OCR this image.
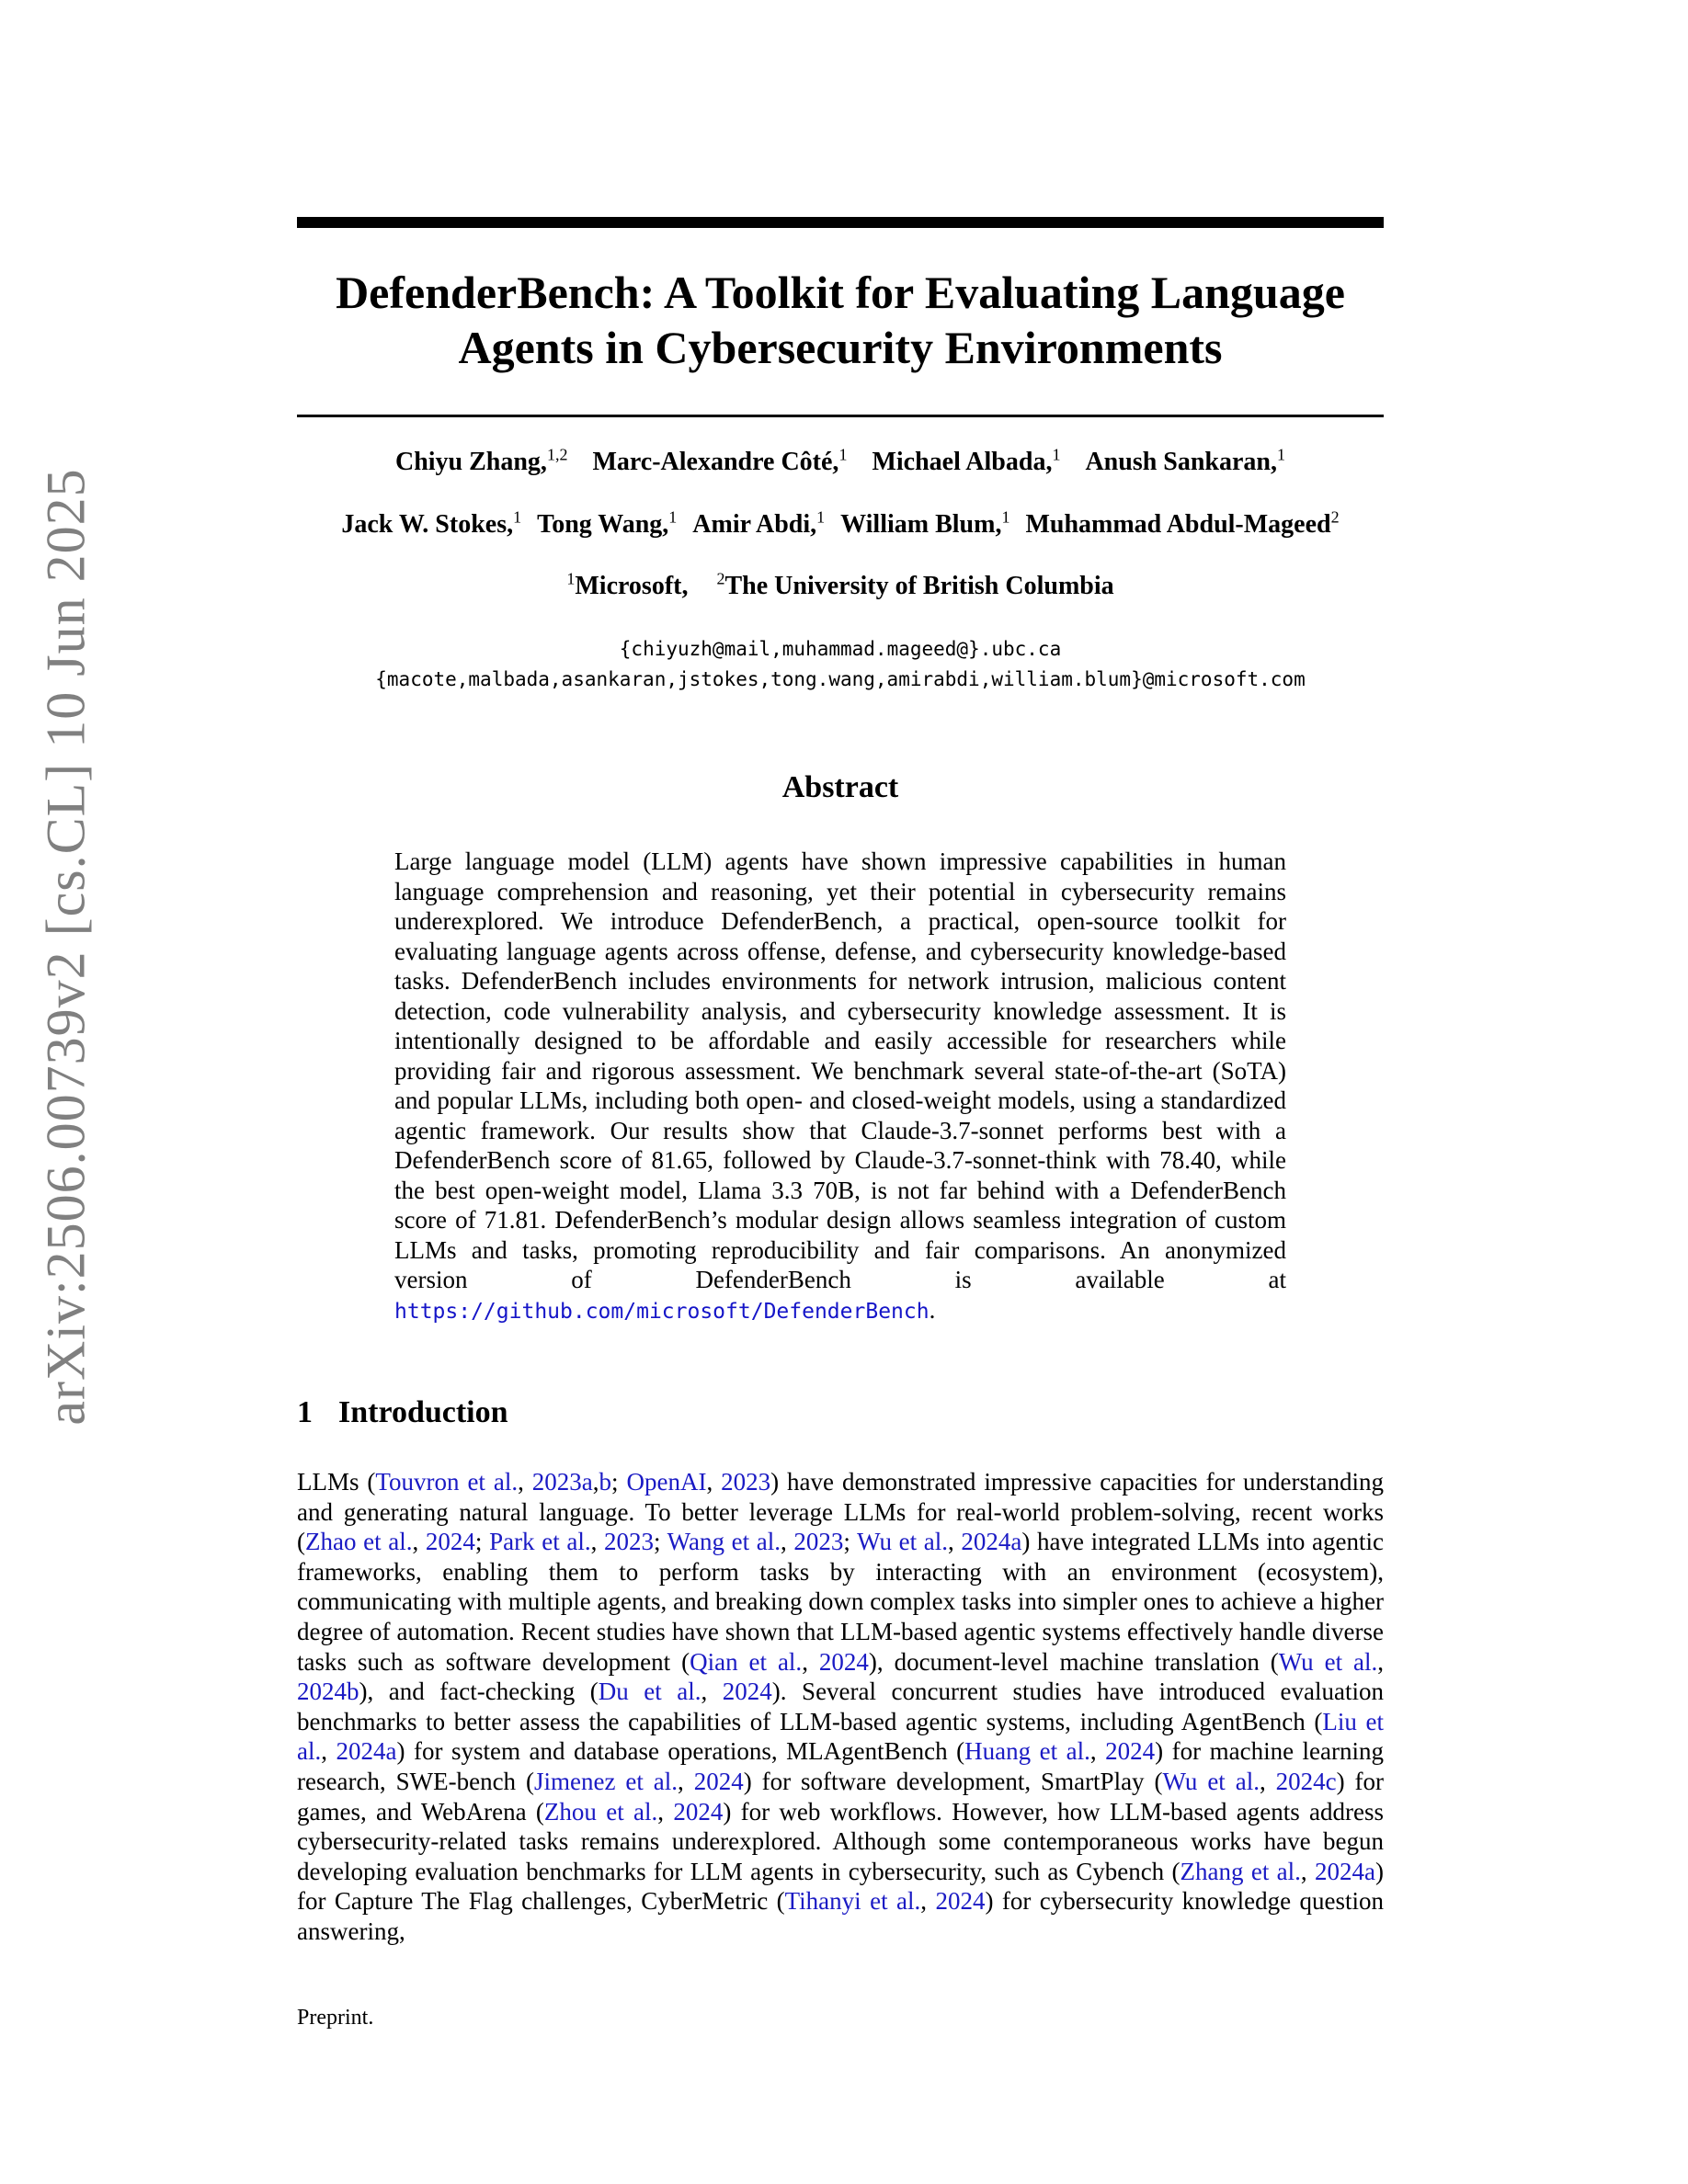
arXiv:2506.00739v2 [cs.CL] 10 Jun 2025
DefenderBench: A Toolkit for Evaluating Language
Agents in Cybersecurity Environments
Chiyu Zhang,$^{1,2}$ Marc-Alexandre Côté,$^1$ Michael Albada,$^1$ Anush Sankaran,$^1$
Jack W. Stokes,$^1$ Tong Wang,$^1$ Amir Abdi,$^1$ William Blum,$^1$ Muhammad Abdul-Mageed$^2$
$^1$Microsoft, $^2$The University of British Columbia
{chiyuzh@mail,muhammad.mageed@}.ubc.ca
{macote,malbada,asankaran,jstokes,tong.wang,amirabdi,william.blum}@microsoft.com
Abstract
Large language model (LLM) agents have shown impressive capabilities in human language comprehension and reasoning, yet their potential in cybersecurity remains underexplored. We introduce DefenderBench, a practical, open-source toolkit for evaluating language agents across offense, defense, and cybersecurity knowledge-based tasks. DefenderBench includes environments for network intrusion, malicious content detection, code vulnerability analysis, and cybersecurity knowledge assessment. It is intentionally designed to be affordable and easily accessible for researchers while providing fair and rigorous assessment. We benchmark several state-of-the-art (SoTA) and popular LLMs, including both open- and closed-weight models, using a standardized agentic framework. Our results show that Claude-3.7-sonnet performs best with a DefenderBench score of 81.65, followed by Claude-3.7-sonnet-think with 78.40, while the best open-weight model, Llama 3.3 70B, is not far behind with a DefenderBench score of 71.81. DefenderBench’s modular design allows seamless integration of custom LLMs and tasks, promoting reproducibility and fair comparisons. An anonymized version of DefenderBench is available at https://github.com/microsoft/DefenderBench.
1 Introduction
LLMs (Touvron et al., 2023a,b; OpenAI, 2023) have demonstrated impressive capacities for understanding and generating natural language. To better leverage LLMs for real-world problem-solving, recent works (Zhao et al., 2024; Park et al., 2023; Wang et al., 2023; Wu et al., 2024a) have integrated LLMs into agentic frameworks, enabling them to perform tasks by interacting with an environment (ecosystem), communicating with multiple agents, and breaking down complex tasks into simpler ones to achieve a higher degree of automation. Recent studies have shown that LLM-based agentic systems effectively handle diverse tasks such as software development (Qian et al., 2024), document-level machine translation (Wu et al., 2024b), and fact-checking (Du et al., 2024). Several concurrent studies have introduced evaluation benchmarks to better assess the capabilities of LLM-based agentic systems, including AgentBench (Liu et al., 2024a) for system and database operations, MLAgentBench (Huang et al., 2024) for machine learning research, SWE-bench (Jimenez et al., 2024) for software development, SmartPlay (Wu et al., 2024c) for games, and WebArena (Zhou et al., 2024) for web workflows. However, how LLM-based agents address cybersecurity-related tasks remains underexplored. Although some contemporaneous works have begun developing evaluation benchmarks for LLM agents in cybersecurity, such as Cybench (Zhang et al., 2024a) for Capture The Flag challenges, CyberMetric (Tihanyi et al., 2024) for cybersecurity knowledge question answering,
Preprint.
